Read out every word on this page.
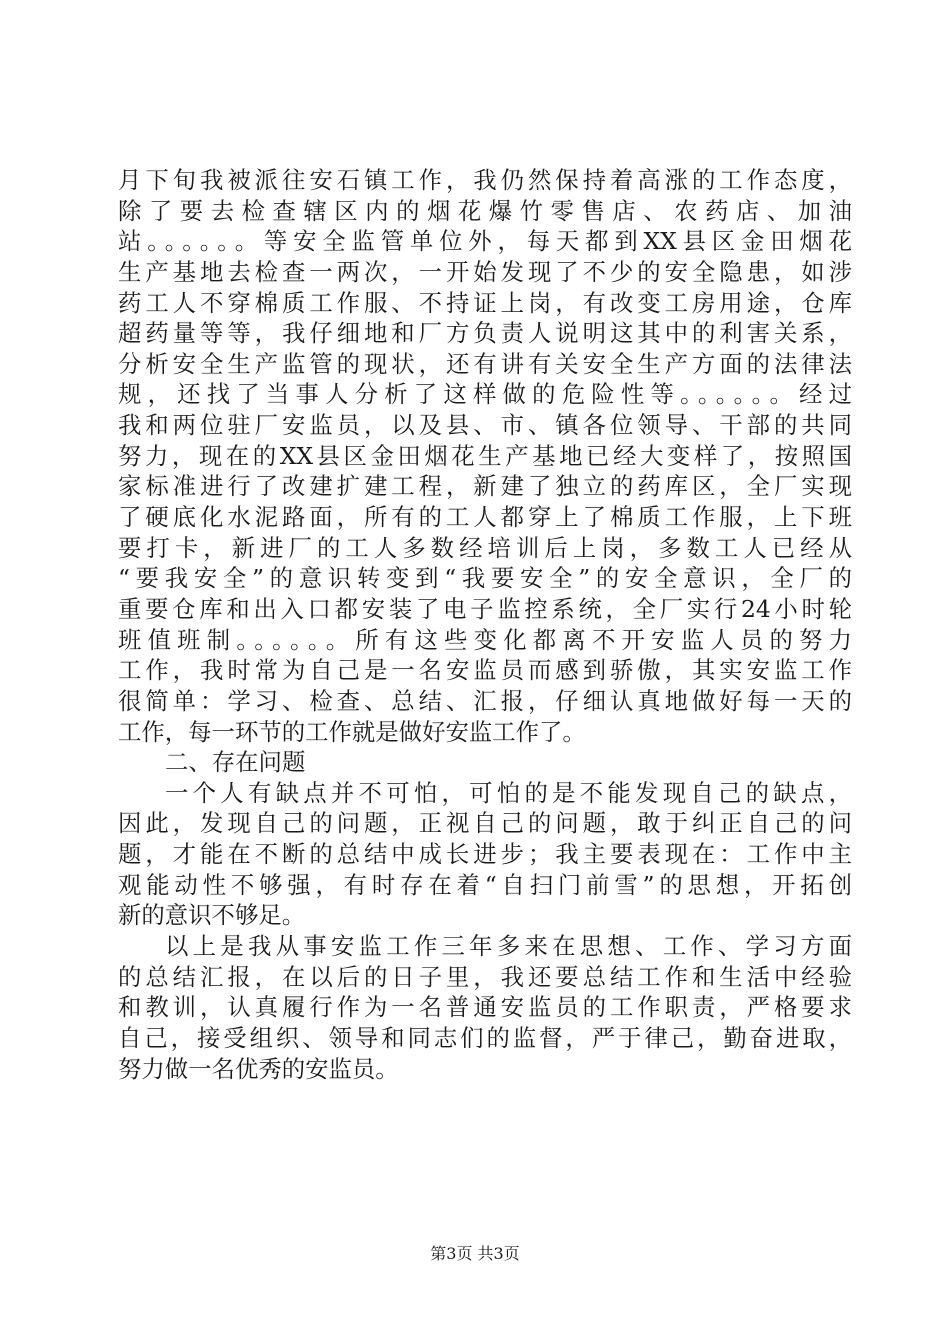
月下旬我被派往安石镇工作，我仍然保持着高涨的工作态度，
除了要去检查辖区内的烟花爆竹零售店、农药店、加油
站。。。。。。等安全监管单位外，每天都到XX县区金田烟花
生产基地去检查一两次，一开始发现了不少的安全隐患，如涉
药工人不穿棉质工作服、不持证上岗，有改变工房用途，仓库
超药量等等，我仔细地和厂方负责人说明这其中的利害关系，
分析安全生产监管的现状，还有讲有关安全生产方面的法律法
规，还找了当事人分析了这样做的危险性等。。。。。。经过
我和两位驻厂安监员，以及县、市、镇各位领导、干部的共同
努力，现在的XX县区金田烟花生产基地已经大变样了，按照国
家标准进行了改建扩建工程，新建了独立的药库区，全厂实现
了硬底化水泥路面，所有的工人都穿上了棉质工作服，上下班
要打卡，新进厂的工人多数经培训后上岗，多数工人已经从
“要我安全”的意识转变到“我要安全”的安全意识，全厂的
重要仓库和出入口都安装了电子监控系统，全厂实行24小时轮
班值班制。。。。。。所有这些变化都离不开安监人员的努力
工作，我时常为自己是一名安监员而感到骄傲，其实安监工作
很简单：学习、检查、总结、汇报，仔细认真地做好每一天的
工作，每一环节的工作就是做好安监工作了。
二、存在问题
一个人有缺点并不可怕，可怕的是不能发现自己的缺点，
因此，发现自己的问题，正视自己的问题，敢于纠正自己的问
题，才能在不断的总结中成长进步；我主要表现在：工作中主
观能动性不够强，有时存在着“自扫门前雪”的思想，开拓创
新的意识不够足。
以上是我从事安监工作三年多来在思想、工作、学习方面
的总结汇报，在以后的日子里，我还要总结工作和生活中经验
和教训，认真履行作为一名普通安监员的工作职责，严格要求
自己，接受组织、领导和同志们的监督，严于律己，勤奋进取，
努力做一名优秀的安监员。
第3页 共3页
